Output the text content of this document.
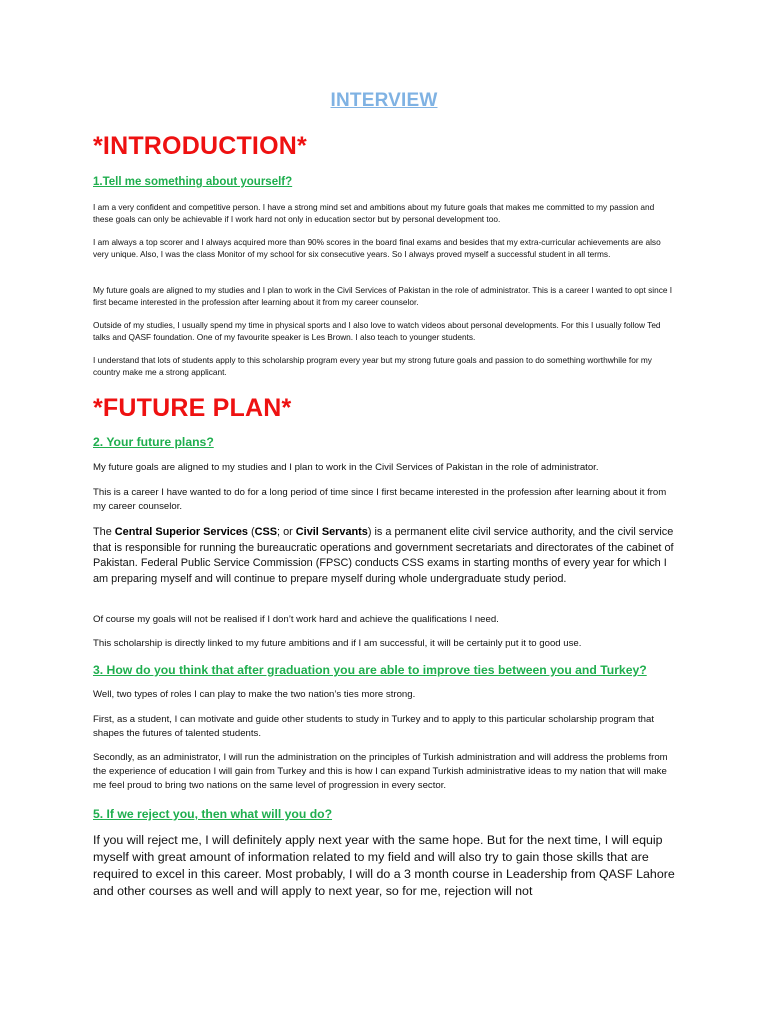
INTERVIEW
*INTRODUCTION*
1.Tell me something about yourself?

I am a very confident and competitive person. I have a strong mind set and ambitions about my future goals that makes me committed to my passion and these goals can only be achievable if I work hard not only in education sector but by personal development too.

I am always a top scorer and I always acquired more than 90% scores in the board final exams and besides that my extra-curricular achievements are also very unique. Also, I was the class Monitor of my school for six consecutive years. So I always proved myself a successful student in all terms.

My future goals are aligned to my studies and I plan to work in the Civil Services of Pakistan in the role of administrator. This is a career I wanted to opt since I first became interested in the profession after learning about it from my career counselor.

Outside of my studies, I usually spend my time in physical sports and I also love to watch videos about personal developments. For this I usually follow Ted talks and QASF foundation. One of my favourite speaker is Les Brown. I also teach to younger students.

I understand that lots of students apply to this scholarship program every year but my strong future goals and passion to do something worthwhile for my country make me a strong applicant.

*FUTURE PLAN*
2. Your future plans?

My future goals are aligned to my studies and I plan to work in the Civil Services of Pakistan in the role of administrator.

This is a career I have wanted to do for a long period of time since I first became interested in the profession after learning about it from my career counselor.

The Central Superior Services (CSS; or Civil Servants) is a permanent elite civil service authority, and the civil service that is responsible for running the bureaucratic operations and government secretariats and directorates of the cabinet of Pakistan. Federal Public Service Commission (FPSC) conducts CSS exams in starting months of every year for which I am preparing myself and will continue to prepare myself during whole undergraduate study period.

Of course my goals will not be realised if I don’t work hard and achieve the qualifications I need.

This scholarship is directly linked to my future ambitions and if I am successful, it will be certainly put it to good use.

3. How do you think that after graduation you are able to improve ties between you and Turkey?

Well, two types of roles I can play to make the two nation’s ties more strong.

First, as a student, I can motivate and guide other students to study in Turkey and to apply to this particular scholarship program that shapes the futures of talented students.

Secondly, as an administrator, I will run the administration on the principles of Turkish administration and will address the problems from the experience of education I will gain from Turkey and this is how I can expand Turkish administrative ideas to my nation that will make me feel proud to bring two nations on the same level of progression in every sector.

5. If we reject you, then what will you do?

If you will reject me, I will definitely apply next year with the same hope. But for the next time, I will equip myself with great amount of information related to my field and will also try to gain those skills that are required to excel in this career. Most probably, I will do a 3 month course in Leadership from QASF Lahore and other courses as well and will apply to next year, so for me, rejection will not
